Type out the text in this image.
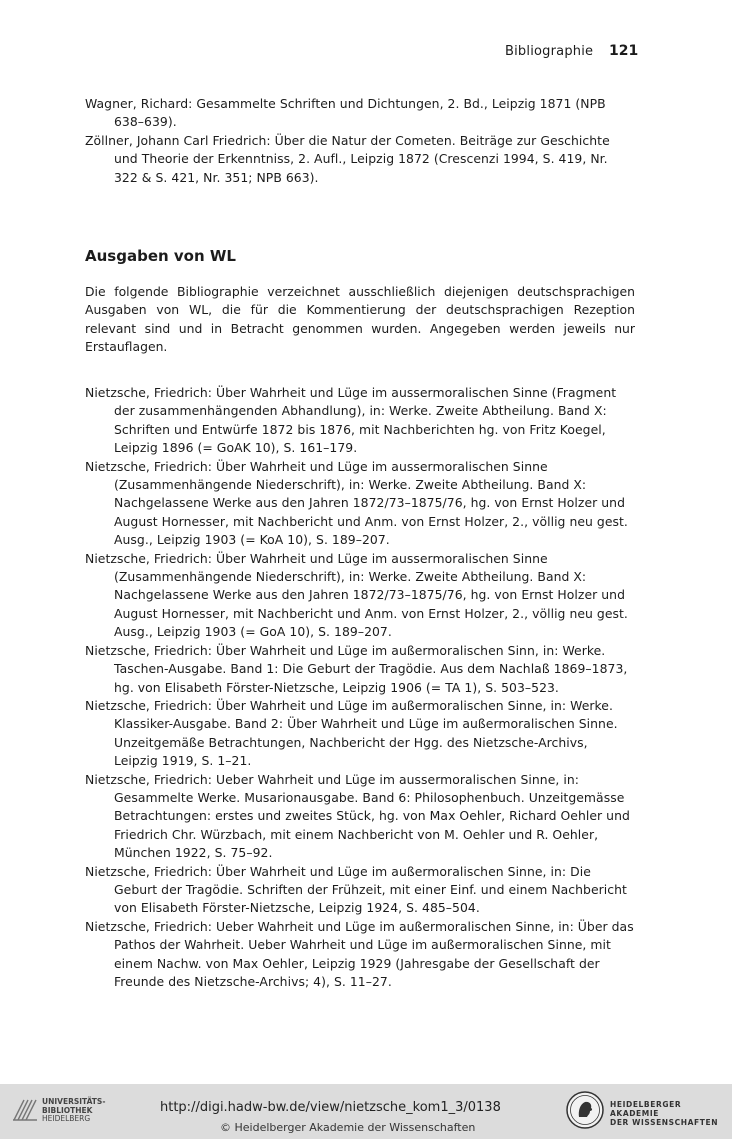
Bibliographie 121

Wagner, Richard: Gesammelte Schriften und Dichtungen, 2. Bd., Leipzig 1871 (NPB 638–639).

Zöllner, Johann Carl Friedrich: Über die Natur der Cometen. Beiträge zur Geschichte und Theorie der Erkenntniss, 2. Aufl., Leipzig 1872 (Crescenzi 1994, S. 419, Nr. 322 & S. 421, Nr. 351; NPB 663).

Ausgaben von WL

Die folgende Bibliographie verzeichnet ausschließlich diejenigen deutschsprachigen Ausgaben von WL, die für die Kommentierung der deutschsprachigen Rezeption relevant sind und in Betracht genommen wurden. Angegeben werden jeweils nur Erstauflagen.

Nietzsche, Friedrich: Über Wahrheit und Lüge im aussermoralischen Sinne (Fragment der zusammenhängenden Abhandlung), in: Werke. Zweite Abtheilung. Band X: Schriften und Entwürfe 1872 bis 1876, mit Nachberichten hg. von Fritz Koegel, Leipzig 1896 (= GoAK 10), S. 161–179.

Nietzsche, Friedrich: Über Wahrheit und Lüge im aussermoralischen Sinne (Zusammenhängende Niederschrift), in: Werke. Zweite Abtheilung. Band X: Nachgelassene Werke aus den Jahren 1872/73–1875/76, hg. von Ernst Holzer und August Hornesser, mit Nachbericht und Anm. von Ernst Holzer, 2., völlig neu gest. Ausg., Leipzig 1903 (= KoA 10), S. 189–207.

Nietzsche, Friedrich: Über Wahrheit und Lüge im aussermoralischen Sinne (Zusammenhängende Niederschrift), in: Werke. Zweite Abtheilung. Band X: Nachgelassene Werke aus den Jahren 1872/73–1875/76, hg. von Ernst Holzer und August Hornesser, mit Nachbericht und Anm. von Ernst Holzer, 2., völlig neu gest. Ausg., Leipzig 1903 (= GoA 10), S. 189–207.

Nietzsche, Friedrich: Über Wahrheit und Lüge im außermoralischen Sinn, in: Werke. Taschen-Ausgabe. Band 1: Die Geburt der Tragödie. Aus dem Nachlaß 1869–1873, hg. von Elisabeth Förster-Nietzsche, Leipzig 1906 (= TA 1), S. 503–523.

Nietzsche, Friedrich: Über Wahrheit und Lüge im außermoralischen Sinne, in: Werke. Klassiker-Ausgabe. Band 2: Über Wahrheit und Lüge im außermoralischen Sinne. Unzeitgemäße Betrachtungen, Nachbericht der Hgg. des Nietzsche-Archivs, Leipzig 1919, S. 1–21.

Nietzsche, Friedrich: Ueber Wahrheit und Lüge im aussermoralischen Sinne, in: Gesammelte Werke. Musarionausgabe. Band 6: Philosophenbuch. Unzeitgemässe Betrachtungen: erstes und zweites Stück, hg. von Max Oehler, Richard Oehler und Friedrich Chr. Würzbach, mit einem Nachbericht von M. Oehler und R. Oehler, München 1922, S. 75–92.

Nietzsche, Friedrich: Über Wahrheit und Lüge im außermoralischen Sinne, in: Die Geburt der Tragödie. Schriften der Frühzeit, mit einer Einf. und einem Nachbericht von Elisabeth Förster-Nietzsche, Leipzig 1924, S. 485–504.

Nietzsche, Friedrich: Ueber Wahrheit und Lüge im außermoralischen Sinne, in: Über das Pathos der Wahrheit. Ueber Wahrheit und Lüge im außermoralischen Sinne, mit einem Nachw. von Max Oehler, Leipzig 1929 (Jahresgabe der Gesellschaft der Freunde des Nietzsche-Archivs; 4), S. 11–27.

UNIVERSITÄTS-
BIBLIOTHEK
HEIDELBERG
http://digi.hadw-bw.de/view/nietzsche_kom1_3/0138
© Heidelberger Akademie der Wissenschaften
HEIDELBERGER AKADEMIE
DER WISSENSCHAFTEN
